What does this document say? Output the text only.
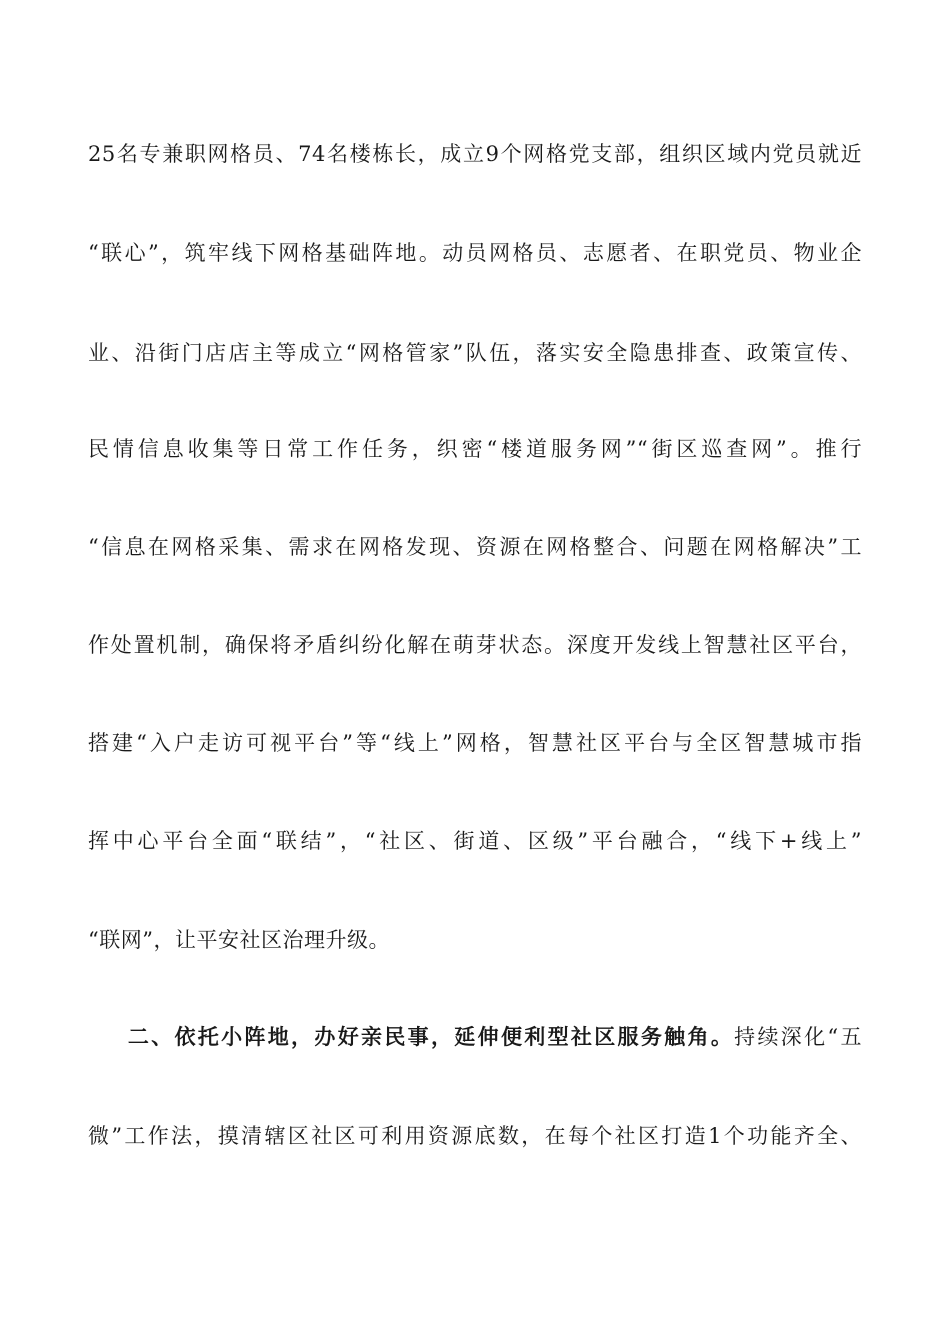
25名专兼职网格员、74名楼栋长，成立9个网格党支部，组织区域内党员就近
“联心”，筑牢线下网格基础阵地。动员网格员、志愿者、在职党员、物业企
业、沿街门店店主等成立“网格管家”队伍，落实安全隐患排查、政策宣传、
民情信息收集等日常工作任务，织密“楼道服务网”“街区巡查网”。推行
“信息在网格采集、需求在网格发现、资源在网格整合、问题在网格解决”工
作处置机制，确保将矛盾纠纷化解在萌芽状态。深度开发线上智慧社区平台，
搭建“入户走访可视平台”等“线上”网格，智慧社区平台与全区智慧城市指
挥中心平台全面“联结”，“社区、街道、区级”平台融合，“线下+线上”
“联网”，让平安社区治理升级。
二、依托小阵地，办好亲民事，延伸便利型社区服务触角。持续深化“五
微”工作法，摸清辖区社区可利用资源底数，在每个社区打造1个功能齐全、
